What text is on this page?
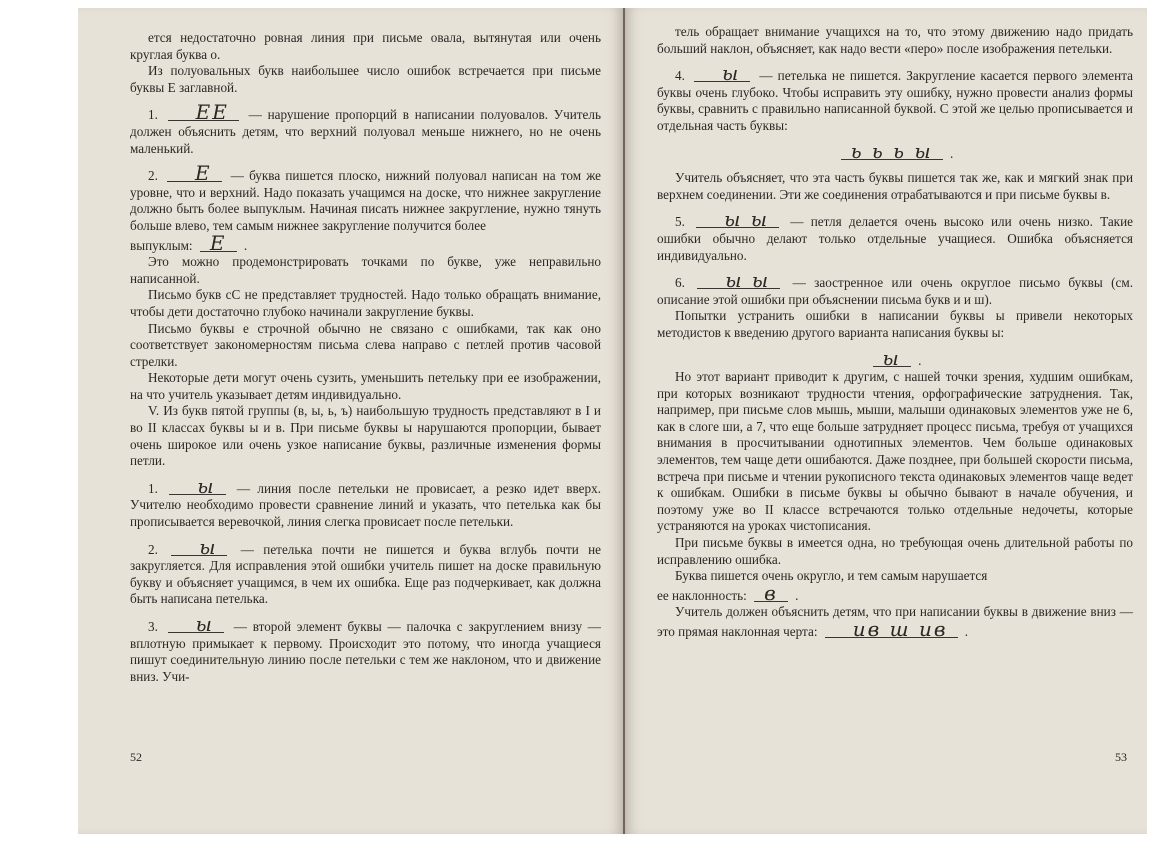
ется недостаточно ровная линия при письме овала, вытянутая или очень круглая буква о.

Из полуовальных букв наибольшее число ошибок встречается при письме буквы Е заглавной.

1. ЕЕ — нарушение пропорций в написании полуовалов. Учитель должен объяснить детям, что верхний полуовал меньше нижнего, но не очень маленький.

2. Е — буква пишется плоско, нижний полуовал написан на том же уровне, что и верхний. Надо показать учащимся на доске, что нижнее закругление должно быть более выпуклым. Начиная писать нижнее закругление, нужно тянуть больше влево, тем самым нижнее закругление получится более

выпуклым: Е .

Это можно продемонстрировать точками по букве, уже неправильно написанной.

Письмо букв сС не представляет трудностей. Надо только обращать внимание, чтобы дети достаточно глубоко начинали закругление буквы.

Письмо буквы е строчной обычно не связано с ошибками, так как оно соответствует закономерностям письма слева направо с петлей против часовой стрелки.

Некоторые дети могут очень сузить, уменьшить петельку при ее изображении, на что учитель указывает детям индивидуально.

V. Из букв пятой группы (в, ы, ь, ъ) наибольшую трудность представляют в I и во II классах буквы ы и в. При письме буквы ы нарушаются пропорции, бывает очень широкое или очень узкое написание буквы, различные изменения формы петли.

1. ы — линия после петельки не провисает, а резко идет вверх. Учителю необходимо провести сравнение линий и указать, что петелька как бы прописывается веревочкой, линия слегка провисает после петельки.

2. ы — петелька почти не пишется и буква вглубь почти не закругляется. Для исправления этой ошибки учитель пишет на доске правильную букву и объясняет учащимся, в чем их ошибка. Еще раз подчеркивает, как должна быть написана петелька.

3. ы — второй элемент буквы — палочка с закруглением внизу — вплотную примыкает к первому. Происходит это потому, что иногда учащиеся пишут соединительную линию после петельки с тем же наклоном, что и движение вниз. Учи-

52

тель обращает внимание учащихся на то, что этому движению надо придать больший наклон, объясняет, как надо вести «перо» после изображения петельки.

4. ы — петелька не пишется. Закругление касается первого элемента буквы очень глубоко. Чтобы исправить эту ошибку, нужно провести анализ формы буквы, сравнить с правильно написанной буквой. С этой же целью прописывается и отдельная часть буквы:

ь ь ь ы .

Учитель объясняет, что эта часть буквы пишется так же, как и мягкий знак при верхнем соединении. Эти же соединения отрабатываются и при письме буквы в.

5. ы ы — петля делается очень высоко или очень низко. Такие ошибки обычно делают только отдельные учащиеся. Ошибка объясняется индивидуально.

6. ы ы — заостренное или очень округлое письмо буквы (см. описание этой ошибки при объяснении письма букв и и ш).

Попытки устранить ошибки в написании буквы ы привели некоторых методистов к введению другого варианта написания буквы ы:

ы .

Но этот вариант приводит к другим, с нашей точки зрения, худшим ошибкам, при которых возникают трудности чтения, орфографические затруднения. Так, например, при письме слов мышь, мыши, малыши одинаковых элементов уже не 6, как в слоге ши, а 7, что еще больше затрудняет процесс письма, требуя от учащихся внимания в просчитывании однотипных элементов. Чем больше одинаковых элементов, тем чаще дети ошибаются. Даже позднее, при большей скорости письма, встреча при письме и чтении рукописного текста одинаковых элементов чаще ведет к ошибкам. Ошибки в письме буквы ы обычно бывают в начале обучения, и поэтому уже во II классе встречаются только отдельные недочеты, которые устраняются на уроках чистописания.

При письме буквы в имеется одна, но требующая очень длительной работы по исправлению ошибка.

Буква пишется очень округло, и тем самым нарушается

ее наклонность: в .

Учитель должен объяснить детям, что при написании буквы в движение вниз — это прямая наклонная черта: ив ш ив .

53
